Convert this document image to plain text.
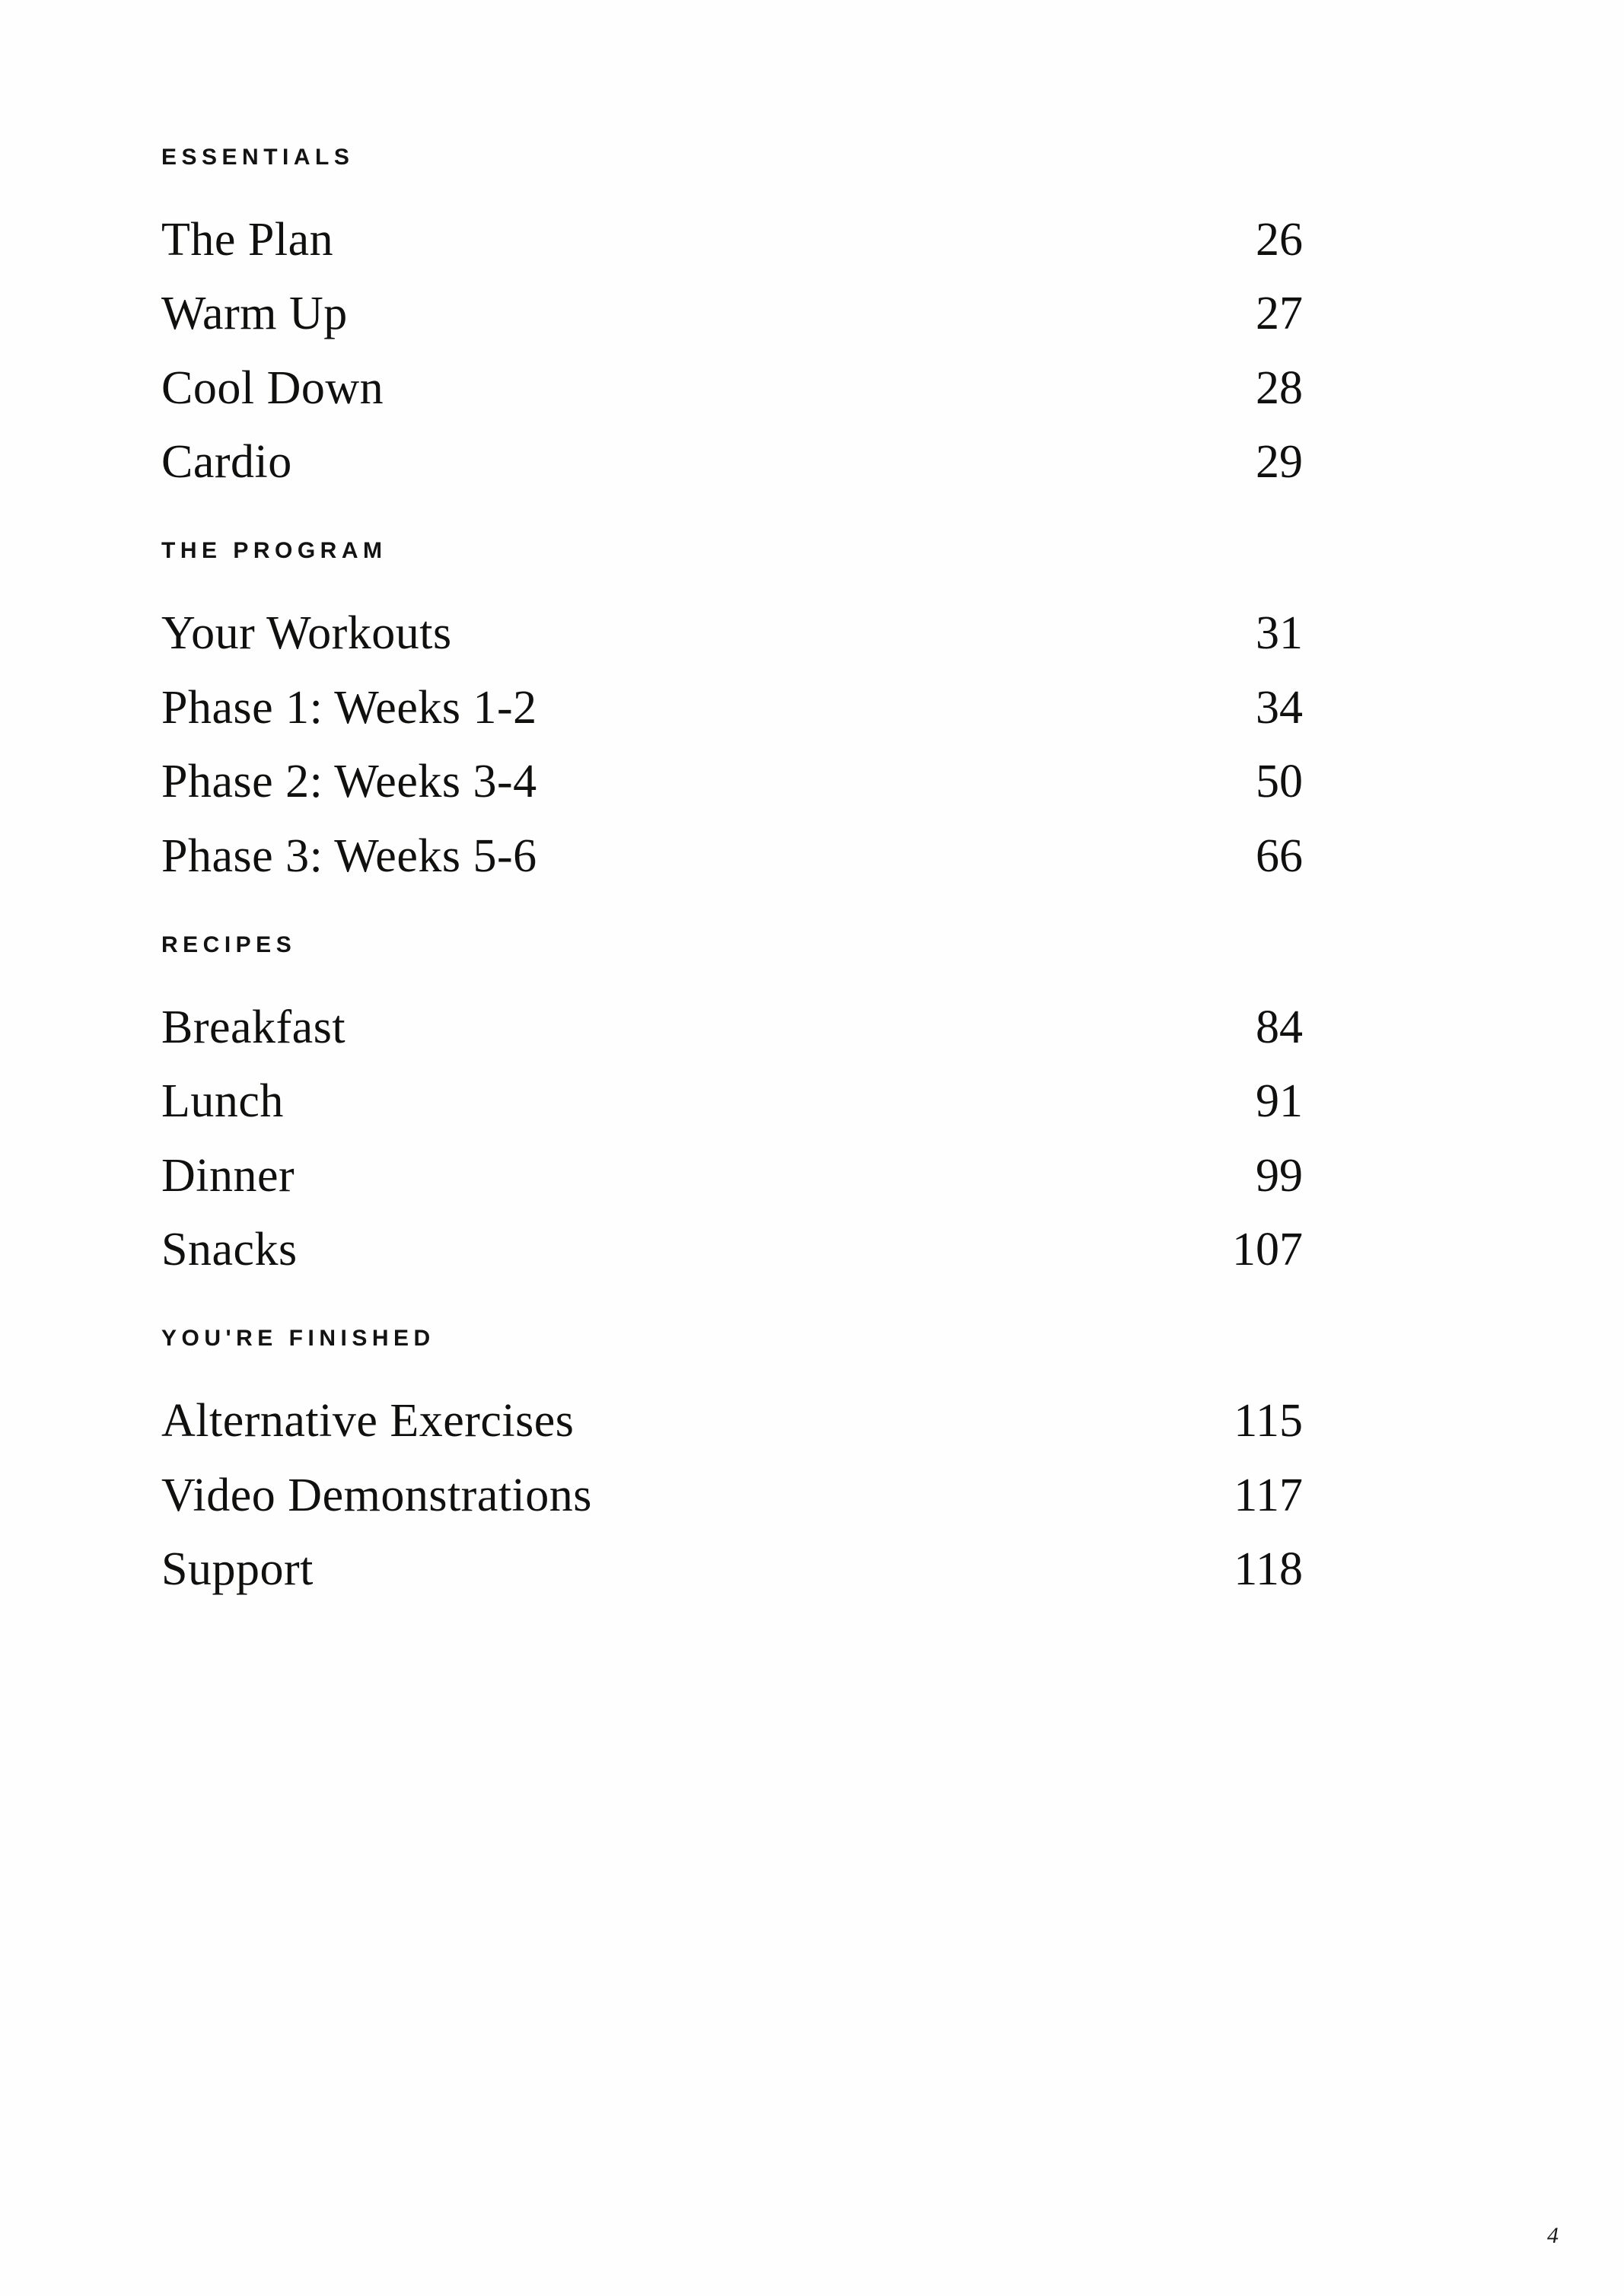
ESSENTIALS
The Plan	26
Warm Up	27
Cool Down	28
Cardio	29
THE PROGRAM
Your Workouts	31
Phase 1: Weeks 1-2	34
Phase 2: Weeks 3-4	50
Phase 3: Weeks 5-6	66
RECIPES
Breakfast	84
Lunch	91
Dinner	99
Snacks	107
YOU'RE FINISHED
Alternative Exercises	115
Video Demonstrations	117
Support	118
4
